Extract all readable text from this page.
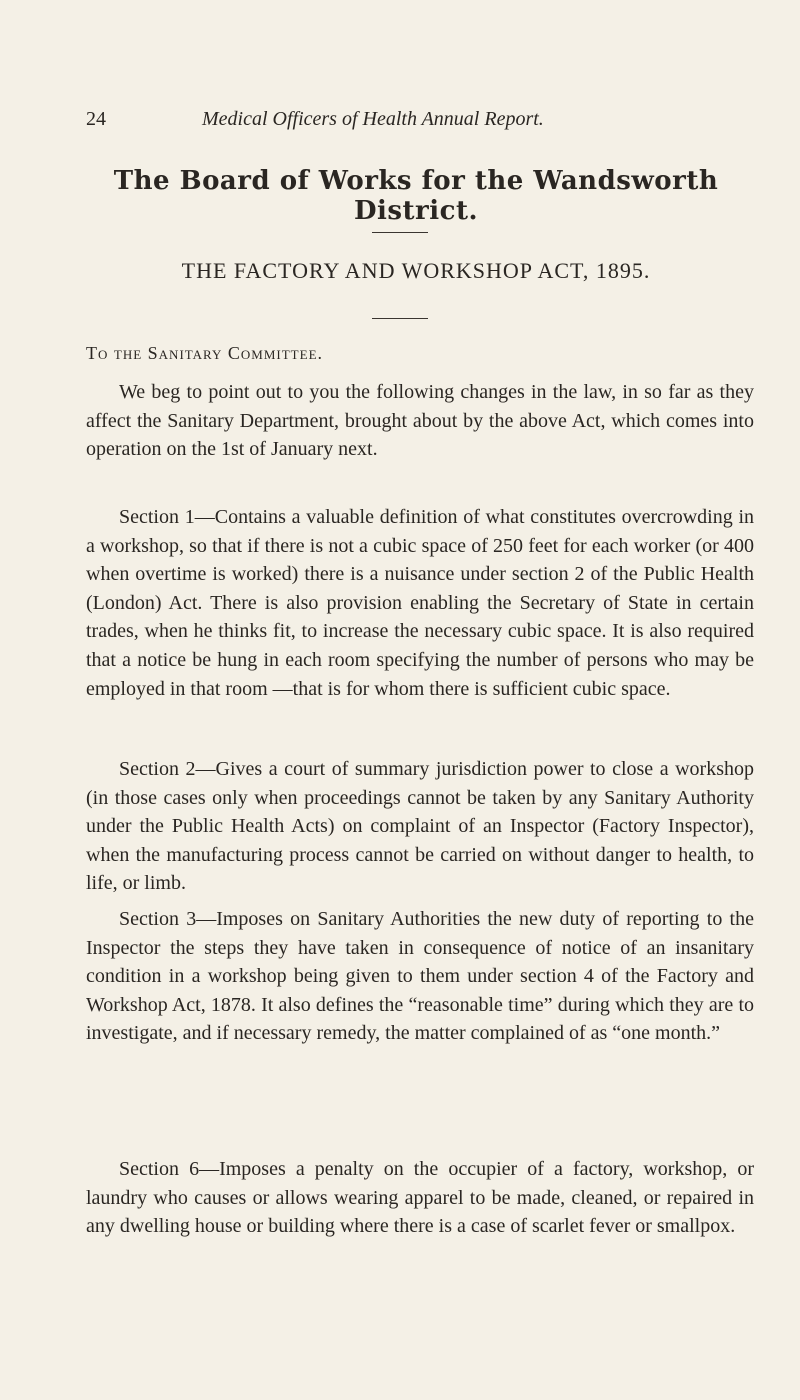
24	Medical Officers of Health Annual Report.
The Board of Works for the Wandsworth District.
THE FACTORY AND WORKSHOP ACT, 1895.
To the Sanitary Committee.

We beg to point out to you the following changes in the law, in so far as they affect the Sanitary Department, brought about by the above Act, which comes into operation on the 1st of January next.

Section 1—Contains a valuable definition of what constitutes overcrowding in a workshop, so that if there is not a cubic space of 250 feet for each worker (or 400 when overtime is worked) there is a nuisance under section 2 of the Public Health (London) Act. There is also provision enabling the Secretary of State in certain trades, when he thinks fit, to increase the necessary cubic space. It is also required that a notice be hung in each room specifying the number of persons who may be employed in that room —that is for whom there is sufficient cubic space.

Section 2—Gives a court of summary jurisdiction power to close a workshop (in those cases only when proceedings cannot be taken by any Sanitary Authority under the Public Health Acts) on complaint of an Inspector (Factory Inspector), when the manufacturing process cannot be carried on without danger to health, to life, or limb.

Section 3—Imposes on Sanitary Authorities the new duty of reporting to the Inspector the steps they have taken in consequence of notice of an insanitary condition in a workshop being given to them under section 4 of the Factory and Workshop Act, 1878. It also defines the “reasonable time” during which they are to investigate, and if necessary remedy, the matter complained of as “one month.”

Section 6—Imposes a penalty on the occupier of a factory, workshop, or laundry who causes or allows wearing apparel to be made, cleaned, or repaired in any dwelling house or building where there is a case of scarlet fever or smallpox.
